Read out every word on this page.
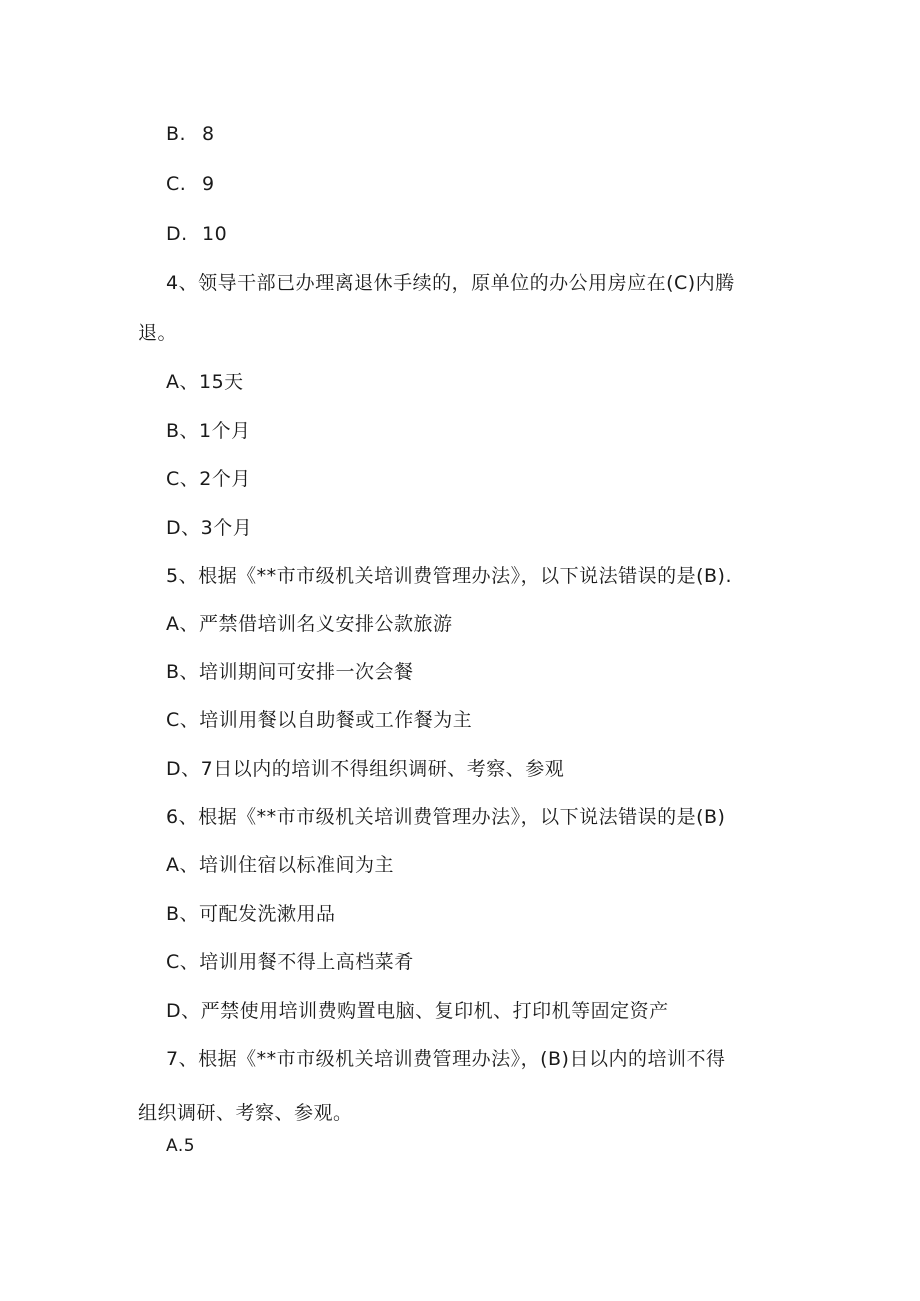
B. 8
C. 9
D. 10
4、领导干部已办理离退休手续的，原单位的办公用房应在(C)内腾
退。
A、15天
B、1个月
C、2个月
D、3个月
5、根据《**市市级机关培训费管理办法》，以下说法错误的是(B).
A、严禁借培训名义安排公款旅游
B、培训期间可安排一次会餐
C、培训用餐以自助餐或工作餐为主
D、7日以内的培训不得组织调研、考察、参观
6、根据《**市市级机关培训费管理办法》，以下说法错误的是(B)
A、培训住宿以标准间为主
B、可配发洗漱用品
C、培训用餐不得上高档菜肴
D、严禁使用培训费购置电脑、复印机、打印机等固定资产
7、根据《**市市级机关培训费管理办法》，(B)日以内的培训不得
组织调研、考察、参观。
A.5
